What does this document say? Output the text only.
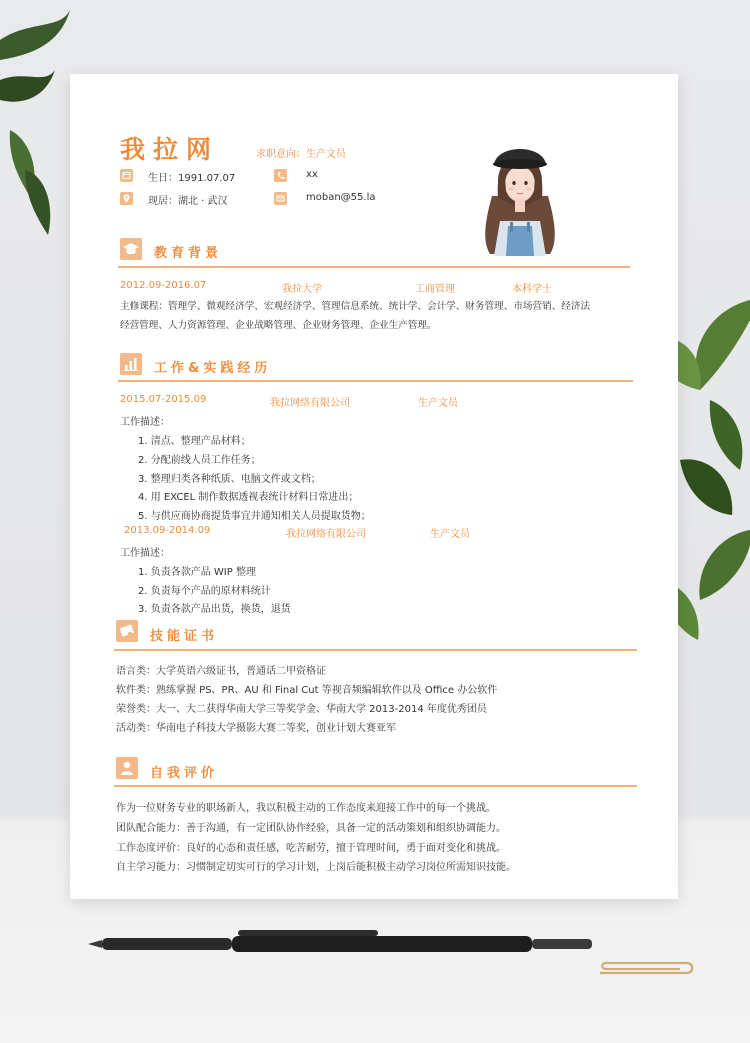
我拉网	求职意向：生产文员
生日：1991.07.07	xx
现居：湖北 · 武汉	moban@55.la
教育背景
2012.09-2016.07	我拉大学	工商管理	本科学士
主修课程：管理学、微观经济学、宏观经济学、管理信息系统、统计学、会计学、财务管理、市场营销、经济法
经营管理、人力资源管理、企业战略管理、企业财务管理、企业生产管理。
工作&实践经历
2015.07-2015.09	我拉网络有限公司	生产文员
工作描述：
1. 清点、整理产品材料；
2. 分配前线人员工作任务；
3. 整理归类各种纸质、电脑文件或文档；
4. 用 EXCEL 制作数据透视表统计材料日常进出；
5. 与供应商协商提货事宜并通知相关人员提取货物；
2013.09-2014.09	我拉网络有限公司	生产文员
工作描述：
1. 负责各款产品 WIP 整理
2. 负责每个产品的原材料统计
3. 负责各款产品出货，换货，退货
技能证书
语言类：大学英语六级证书，普通话二甲资格证
软件类：熟练掌握 PS、PR、AU 和 Final Cut 等视音频编辑软件以及 Office 办公软件
荣誉类：大一、大二获得华南大学三等奖学金、华南大学 2013-2014 年度优秀团员
活动类：华南电子科技大学摄影大赛二等奖，创业计划大赛亚军
自我评价
作为一位财务专业的职场新人，我以积极主动的工作态度来迎接工作中的每一个挑战。
团队配合能力：善于沟通，有一定团队协作经验，具备一定的活动策划和组织协调能力。
工作态度评价：良好的心态和责任感，吃苦耐劳，擅于管理时间，勇于面对变化和挑战。
自主学习能力：习惯制定切实可行的学习计划，上岗后能积极主动学习岗位所需知识技能。
